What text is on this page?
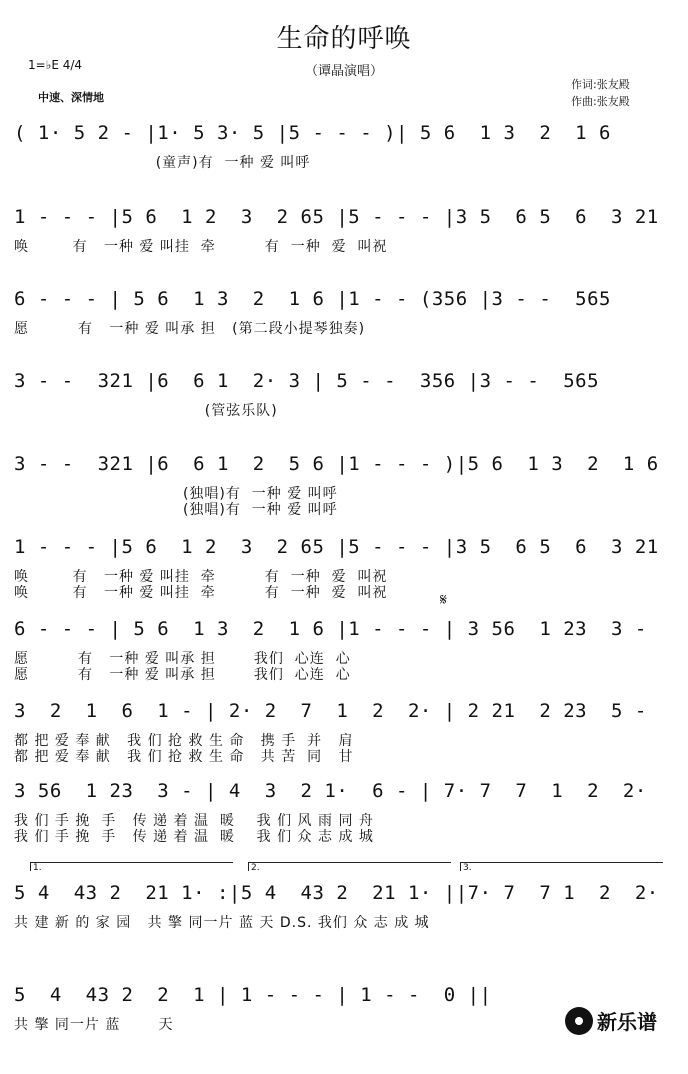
生命的呼唤
（谭晶演唱）
作词:张友殿
作曲:张友殿
1=♭E 4/4
中速、深情地
( 1· 5 2 - |1· 5 3· 5 |5 - - - )| 5 6  1 3  2  1 6
(童声)有  一种 爱 叫呼
1 - - - |5 6  1 2  3  2 65 |5 - - - |3 5  6 5  6  3 21
唤        有   一种 爱 叫挂  牵         有  一种  爱  叫祝
6 - - - | 5 6  1 3  2  1 6 |1 - - (356 |3 - -  565
愿         有   一种 爱 叫承 担   (第二段小提琴独奏)
3 - -  321 |6  6 1  2· 3 | 5 - -  356 |3 - -  565
(管弦乐队)
3 - -  321 |6  6 1  2  5 6 |1 - - - )|5 6  1 3  2  1 6
(独唱)有  一种 爱 叫呼
(独唱)有  一种 爱 叫呼
1 - - - |5 6  1 2  3  2 65 |5 - - - |3 5  6 5  6  3 21
唤        有   一种 爱 叫挂  牵         有  一种  爱  叫祝
唤        有   一种 爱 叫挂  牵         有  一种  爱  叫祝
6 - - - | 5 6  1 3  2  1 6 |1 - - - | 3 56  1 23  3 -
愿         有   一种 爱 叫承 担       我们  心连  心
愿         有   一种 爱 叫承 担       我们  心连  心
𝄋
3  2  1  6  1 - | 2· 2  7  1  2  2· | 2 21  2 23  5 -
都 把 爱 奉 献   我 们 抢 救 生 命   携 手  并   肩
都 把 爱 奉 献   我 们 抢 救 生 命   共 苦  同   甘
3 56  1 23  3 - | 4  3  2 1·  6 - | 7· 7  7  1  2  2·
我 们 手 挽  手   传 递 着 温  暖    我 们 风 雨 同 舟
我 们 手 挽  手   传 递 着 温  暖    我 们 众 志 成 城
1.	2.	3.
5 4  43 2  21 1· :|5 4  43 2  21 1· ||7· 7  7 1  2  2·
共 建 新 的 家 园   共 擎 同一片 蓝 天 D.S. 我们 众 志 成 城
5  4  43 2  2  1 | 1 - - - | 1 - -  0 ||
共 擎 同一片 蓝       天	新乐谱
